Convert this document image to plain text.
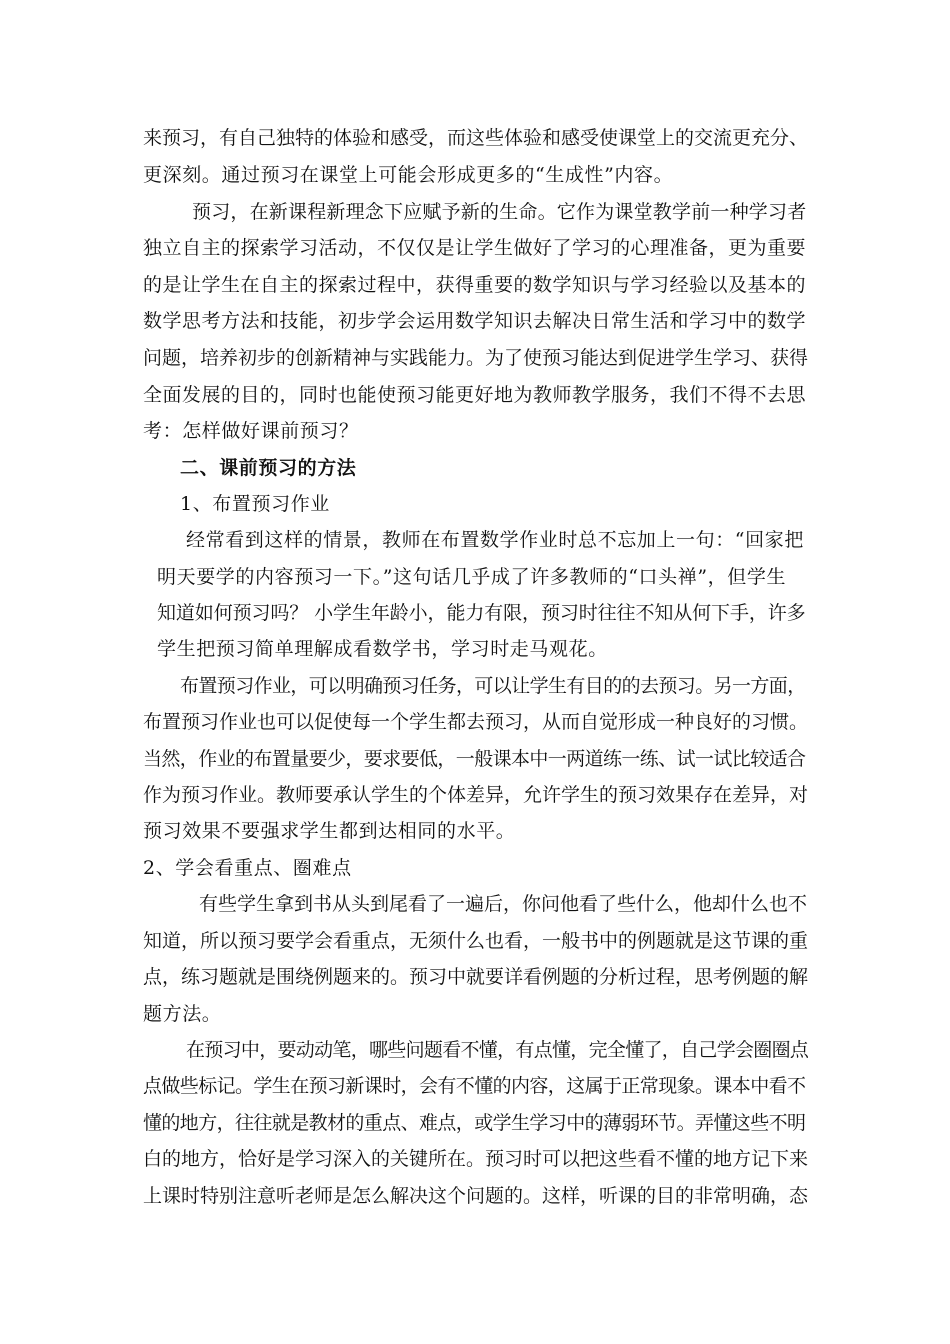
来预习，有自己独特的体验和感受，而这些体验和感受使课堂上的交流更充分、
更深刻。通过预习在课堂上可能会形成更多的“生成性”内容。
预习，在新课程新理念下应赋予新的生命。它作为课堂教学前一种学习者
独立自主的探索学习活动，不仅仅是让学生做好了学习的心理准备，更为重要
的是让学生在自主的探索过程中，获得重要的数学知识与学习经验以及基本的
数学思考方法和技能，初步学会运用数学知识去解决日常生活和学习中的数学
问题，培养初步的创新精神与实践能力。为了使预习能达到促进学生学习、获得
全面发展的目的，同时也能使预习能更好地为教师教学服务，我们不得不去思
考：怎样做好课前预习？
二、课前预习的方法
1、布置预习作业
经常看到这样的情景，教师在布置数学作业时总不忘加上一句：“回家把
明天要学的内容预习一下。”这句话几乎成了许多教师的“口头禅”，但学生
知道如何预习吗？ 小学生年龄小，能力有限，预习时往往不知从何下手，许多
学生把预习简单理解成看数学书，学习时走马观花。
布置预习作业，可以明确预习任务，可以让学生有目的的去预习。另一方面，
布置预习作业也可以促使每一个学生都去预习，从而自觉形成一种良好的习惯。
当然，作业的布置量要少，要求要低，一般课本中一两道练一练、试一试比较适合
作为预习作业。教师要承认学生的个体差异，允许学生的预习效果存在差异，对
预习效果不要强求学生都到达相同的水平。
2、学会看重点、圈难点
有些学生拿到书从头到尾看了一遍后，你问他看了些什么，他却什么也不
知道，所以预习要学会看重点，无须什么也看，一般书中的例题就是这节课的重
点，练习题就是围绕例题来的。预习中就要详看例题的分析过程，思考例题的解
题方法。
在预习中，要动动笔，哪些问题看不懂，有点懂，完全懂了，自己学会圈圈点
点做些标记。学生在预习新课时，会有不懂的内容，这属于正常现象。课本中看不
懂的地方，往往就是教材的重点、难点，或学生学习中的薄弱环节。弄懂这些不明
白的地方，恰好是学习深入的关键所在。预习时可以把这些看不懂的地方记下来
上课时特别注意听老师是怎么解决这个问题的。这样，听课的目的非常明确，态
